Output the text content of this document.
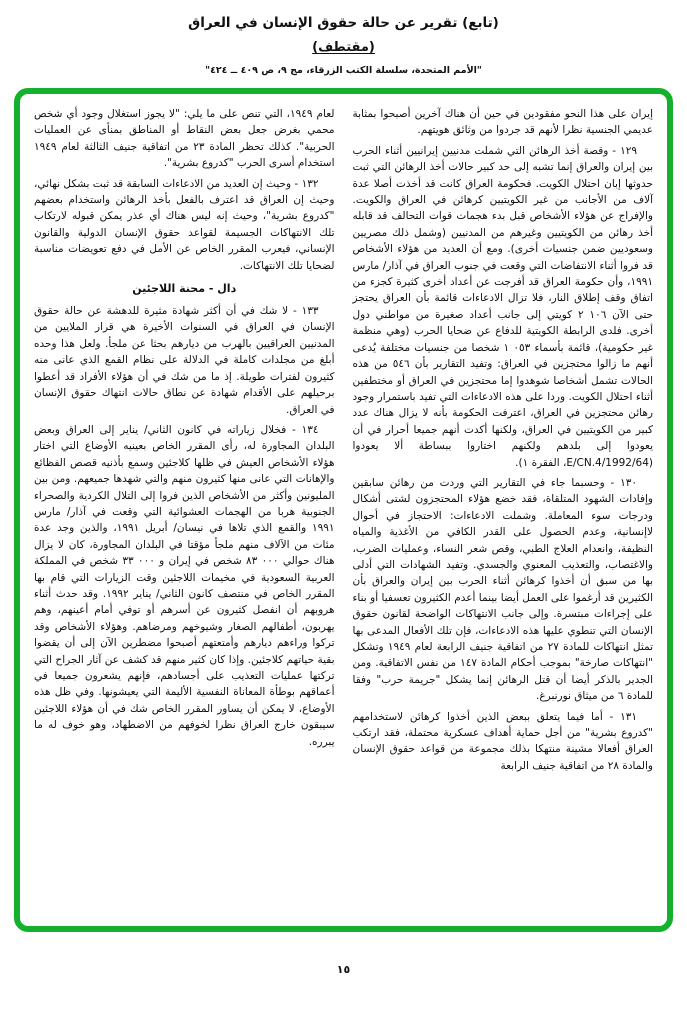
(تابع) تقرير عن حالة حقوق الإنسان في العراق
(مقتطف)
"الأمم المتحدة، سلسلة الكتب الزرقاء، مج ٩، ص ٤٠٩ ــ ٤٢٤"

إيران على هذا النحو مفقودين في حين أن هناك آخرين أصبحوا بمثابة عديمي الجنسية نظرا لأنهم قد جردوا من وثائق هويتهم.

١٢٩ - وقصة أخذ الرهائن التي شملت مدنيين إيرانيين أثناء الحرب بين إيران والعراق إنما تشبه إلى حد كبير حالات أخذ الرهائن التي ثبت حدوثها إبان احتلال الكويت. فحكومة العراق كانت قد أخذت أصلا عدة آلاف من الأجانب من غير الكويتيين كرهائن في العراق والكويت. والإفراج عن هؤلاء الأشخاص قبل بدء هجمات قوات التحالف قد قابله أخذ رهائن من الكويتيين وغيرهم من المدنيين (وشمل ذلك مصريين وسعوديين ضمن جنسيات أخرى). ومع أن العديد من هؤلاء الأشخاص قد فروا أثناء الانتفاضات التي وقعت في جنوب العراق في آذار/ مارس ١٩٩١، وأن حكومة العراق قد أفرجت عن أعداد أخرى كثيرة كجزء من اتفاق وقف إطلاق النار، فلا تزال الادعاءات قائمة بأن العراق يحتجز حتى الآن ٢ ١٠٦ كويتي إلى جانب أعداد صغيرة من مواطني دول أخرى. فلدى الرابطة الكويتية للدفاع عن ضحايا الحرب (وهي منظمة غير حكومية)، قائمة بأسماء ١ ٠٥٣ شخصا من جنسيات مختلفة يُدعى أنهم ما زالوا محتجزين في العراق: وتفيد التقارير بأن ٥٤٦ من هذه الحالات تشمل أشخاصا شوهدوا إما محتجزين في العراق أو مختطفين أثناء احتلال الكويت. وردا على هذه الادعاءات التي تفيد باستمرار وجود رهائن محتجزين في العراق، اعترفت الحكومة بأنه لا يزال هناك عدد كبير من الكويتيين في العراق، ولكنها أكدت أنهم جميعا أحرار في أن يعودوا إلى بلدهم ولكنهم اختاروا ببساطة ألا يعودوا (E/CN.4/1992/64، الفقرة ١).

١٣٠ - وحسبما جاء في التقارير التي وردت من رهائن سابقين وإفادات الشهود المتلقاة، فقد خضع هؤلاء المحتجزون لشتى أشكال ودرجات سوء المعاملة. وشملت الادعاءات: الاحتجاز في أحوال لاإنسانية، وعدم الحصول على القدر الكافي من الأغذية والمياه النظيفة، وانعدام العلاج الطبي، وقص شعر النساء، وعمليات الضرب، والاغتصاب، والتعذيب المعنوي والجسدي. وتفيد الشهادات التي أدلى بها من سبق أن أخذوا كرهائن أثناء الحرب بين إيران والعراق بأن الكثيرين قد أرغموا على العمل أيضا بينما أعدم الكثيرون تعسفيا أو بناء على إجراءات مبتسرة. وإلى جانب الانتهاكات الواضحة لقانون حقوق الإنسان التي تنطوي عليها هذه الادعاءات، فإن تلك الأفعال المدعى بها تمثل انتهاكات للمادة ٢٧ من اتفاقية جنيف الرابعة لعام ١٩٤٩ وتشكل "انتهاكات صارخة" بموجب أحكام المادة ١٤٧ من نفس الاتفاقية. ومن الجدير بالذكر أيضا أن قتل الرهائن إنما يشكل "جريمة حرب" وفقا للمادة ٦ من ميثاق نورنبرغ.

١٣١ - أما فيما يتعلق ببعض الذين أخذوا كرهائن لاستخدامهم "كدروع بشرية" من أجل حماية أهداف عسكرية محتملة، فقد ارتكب العراق أفعالا مشينة منتهكا بذلك مجموعة من قواعد حقوق الإنسان والمادة ٢٨ من اتفاقية جنيف الرابعة

لعام ١٩٤٩، التي تنص على ما يلي: "لا يجوز استغلال وجود أي شخص محمي بغرض جعل بعض النقاط أو المناطق بمنأى عن العمليات الحربية". كذلك تحظر المادة ٢٣ من اتفاقية جنيف الثالثة لعام ١٩٤٩ استخدام أسرى الحرب "كدروع بشرية".

١٣٢ - وحيث إن العديد من الادعاءات السابقة قد ثبت بشكل نهائي، وحيث إن العراق قد اعترف بالفعل بأخذ الرهائن واستخدام بعضهم "كدروع بشرية"، وحيث إنه ليس هناك أي عذر يمكن قبوله لارتكاب تلك الانتهاكات الجسيمة لقواعد حقوق الإنسان الدولية والقانون الإنساني، فيعرب المقرر الخاص عن الأمل في دفع تعويضات مناسبة لضحايا تلك الانتهاكات.

دال - محنة اللاجئين

١٣٣ - لا شك في أن أكثر شهادة مثيرة للدهشة عن حالة حقوق الإنسان في العراق في السنوات الأخيرة هي قرار الملايين من المدنيين العراقيين بالهرب من ديارهم بحثا عن ملجأ. ولعل هذا وحده أبلغ من مجلدات كاملة في الدلالة على نظام القمع الذي عانى منه كثيرون لفترات طويلة. إذ ما من شك في أن هؤلاء الأفراد قد أعطوا برحيلهم على الأقدام شهادة عن نطاق حالات انتهاك حقوق الإنسان في العراق.

١٣٤ - فخلال زياراته في كانون الثاني/ يناير إلى العراق وبعض البلدان المجاورة له، رأى المقرر الخاص بعينيه الأوضاع التي اختار هؤلاء الأشخاص العيش في ظلها كلاجئين وسمع بأذنيه قصص الفظائع والإهانات التي عانى منها كثيرون منهم والتي شهدها جميعهم. ومن بين المليونين وأكثر من الأشخاص الذين فروا إلى التلال الكردية والصحراء الجنوبية هربا من الهجمات العشوائية التي وقعت في آذار/ مارس ١٩٩١ والقمع الذي تلاها في نيسان/ أبريل ١٩٩١، والذين وجد عدة مئات من الآلاف منهم ملجأ مؤقتا في البلدان المجاورة، كان لا يزال هناك حوالي ٨٣ ٠٠٠ شخص في إيران و ٣٣ ٠٠٠ شخص في المملكة العربية السعودية في مخيمات اللاجئين وقت الزيارات التي قام بها المقرر الخاص في منتصف كانون الثاني/ يناير ١٩٩٢. وقد حدث أثناء هروبهم أن انفصل كثيرون عن أسرهم أو توفي أمام أعينهم، وهم يهربون، أطفالهم الصغار وشيوخهم ومرضاهم. وهؤلاء الأشخاص وقد تركوا وراءهم ديارهم وأمتعتهم أصبحوا مضطرين الآن إلى أن يقضوا بقية حياتهم كلاجئين. وإذا كان كثير منهم قد كشف عن آثار الجراح التي تركتها عمليات التعذيب على أجسادهم، فإنهم يشعرون جميعا في أعماقهم بوطأة المعاناة النفسية الأليمة التي يعيشونها. وفي ظل هذه الأوضاع، لا يمكن أن يساور المقرر الخاص شك في أن هؤلاء اللاجئين سيبقون خارج العراق نظرا لخوفهم من الاضطهاد، وهو خوف له ما يبرره.

١٥
